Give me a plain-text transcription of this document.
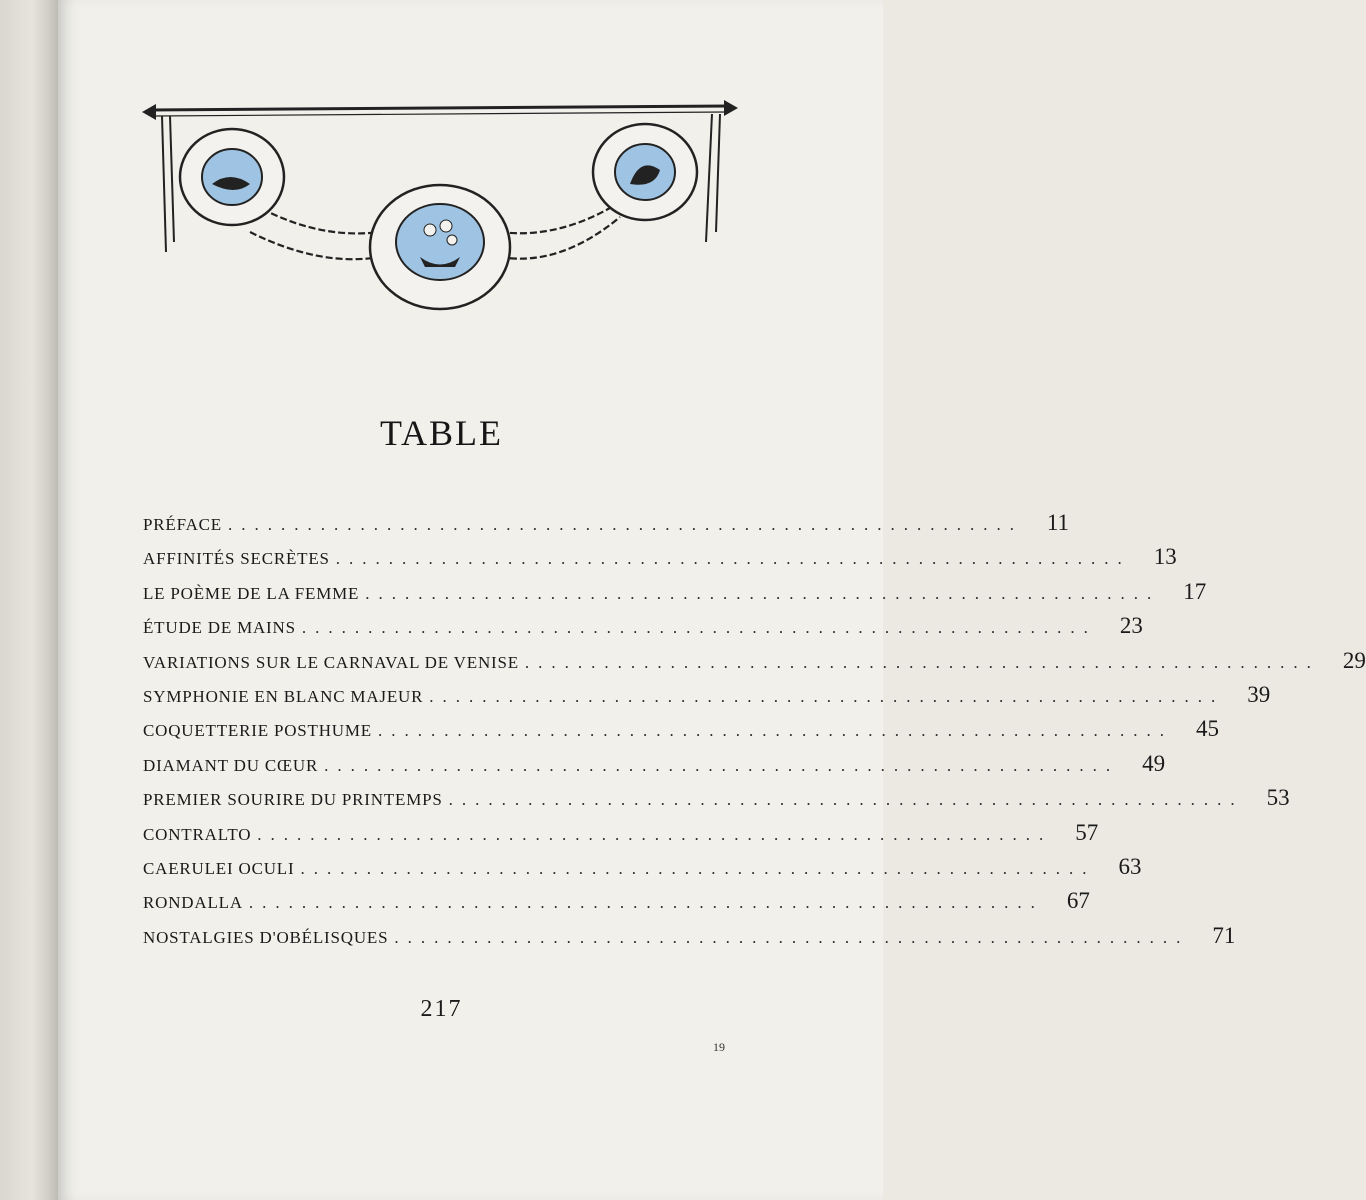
TABLE
PRÉFACE ............................................................	11
AFFINITÉS SECRÈTES ............................................................	13
LE POÈME DE LA FEMME ............................................................	17
ÉTUDE DE MAINS ............................................................	23
VARIATIONS SUR LE CARNAVAL DE VENISE ............................................................	29
SYMPHONIE EN BLANC MAJEUR ............................................................	39
COQUETTERIE POSTHUME ............................................................	45
DIAMANT DU CŒUR ............................................................	49
PREMIER SOURIRE DU PRINTEMPS ............................................................	53
CONTRALTO ............................................................	57
CAERULEI OCULI ............................................................	63
RONDALLA ............................................................	67
NOSTALGIES D'OBÉLISQUES ............................................................	71
217
19
